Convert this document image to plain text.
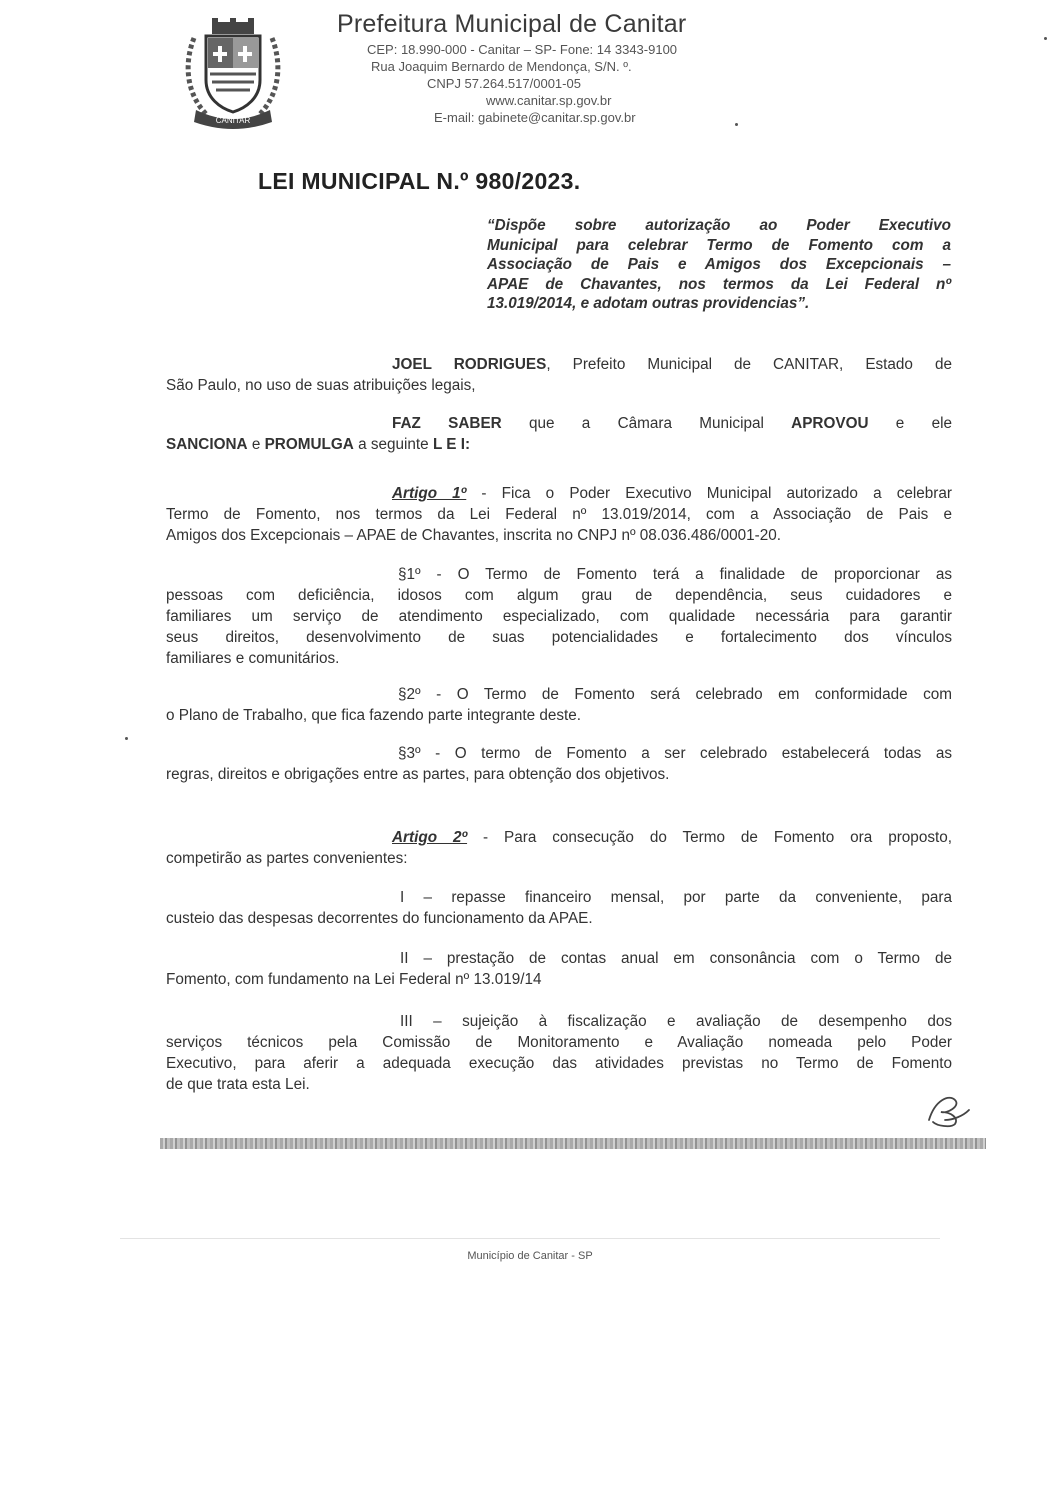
CANITAR
Prefeitura Municipal de Canitar
CEP: 18.990-000 - Canitar – SP- Fone: 14 3343-9100
Rua Joaquim Bernardo de Mendonça, S/N. º.
CNPJ 57.264.517/0001-05
www.canitar.sp.gov.br
E-mail: gabinete@canitar.sp.gov.br
LEI MUNICIPAL N.º 980/2023.
“Dispõe sobre autorização ao Poder Executivo
Municipal para celebrar Termo de Fomento com a
Associação de Pais e Amigos dos Excepcionais –
APAE de Chavantes, nos termos da Lei Federal nº
13.019/2014, e adotam outras providencias”.
JOEL RODRIGUES, Prefeito Municipal de CANITAR, Estado de
São Paulo, no uso de suas atribuições legais,
FAZ SABER que a Câmara Municipal APROVOU e ele
SANCIONA e PROMULGA a seguinte L E I:
Artigo 1º - Fica o Poder Executivo Municipal autorizado a celebrar
Termo de Fomento, nos termos da Lei Federal nº 13.019/2014, com a Associação de Pais e
Amigos dos Excepcionais – APAE de Chavantes, inscrita no CNPJ nº 08.036.486/0001-20.
§1º - O Termo de Fomento terá a finalidade de proporcionar as
pessoas com deficiência, idosos com algum grau de dependência, seus cuidadores e
familiares um serviço de atendimento especializado, com qualidade necessária para garantir
seus direitos, desenvolvimento de suas potencialidades e fortalecimento dos vínculos
familiares e comunitários.
§2º - O Termo de Fomento será celebrado em conformidade com
o Plano de Trabalho, que fica fazendo parte integrante deste.
§3º - O termo de Fomento a ser celebrado estabelecerá todas as
regras, direitos e obrigações entre as partes, para obtenção dos objetivos.
Artigo 2º - Para consecução do Termo de Fomento ora proposto,
competirão as partes convenientes:
I – repasse financeiro mensal, por parte da conveniente, para
custeio das despesas decorrentes do funcionamento da APAE.
II – prestação de contas anual em consonância com o Termo de
Fomento, com fundamento na Lei Federal nº 13.019/14
III – sujeição à fiscalização e avaliação de desempenho dos
serviços técnicos pela Comissão de Monitoramento e Avaliação nomeada pelo Poder
Executivo, para aferir a adequada execução das atividades previstas no Termo de Fomento
de que trata esta Lei.
Município de Canitar - SP
